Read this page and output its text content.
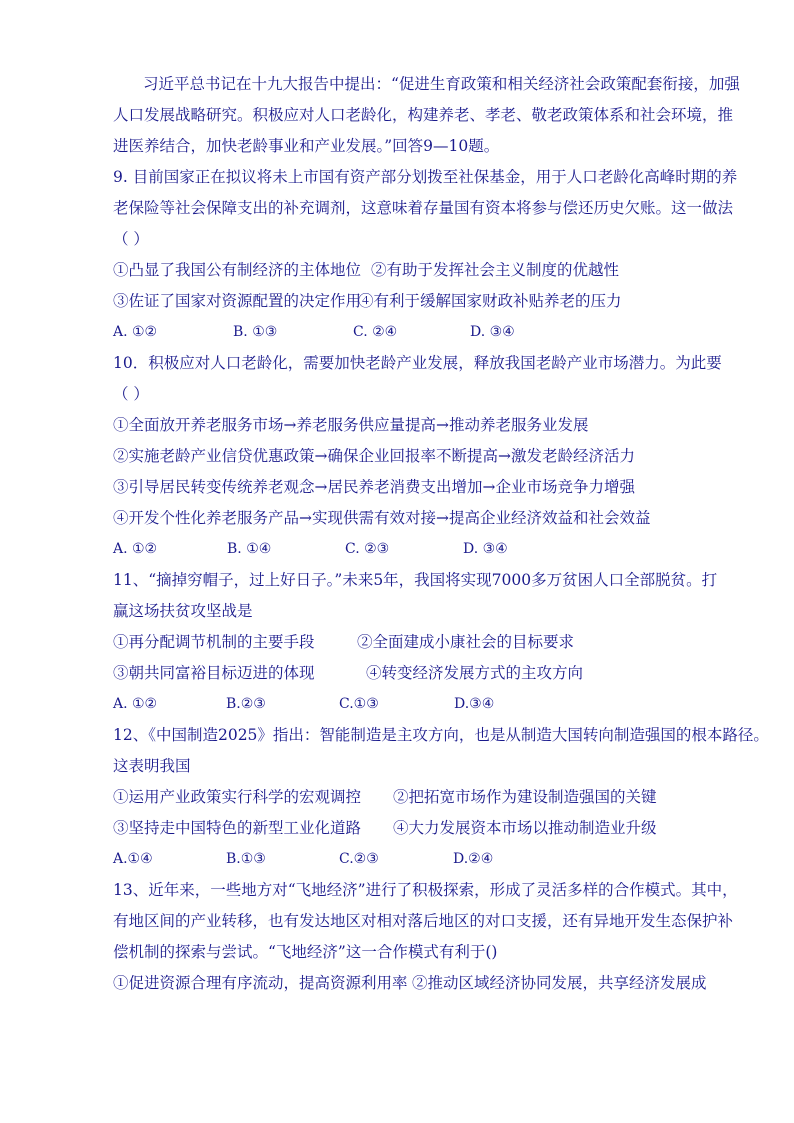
习近平总书记在十九大报告中提出：“促进生育政策和相关经济社会政策配套衔接，加强
人口发展战略研究。积极应对人口老龄化，构建养老、孝老、敬老政策体系和社会环境，推
进医养结合，加快老龄事业和产业发展。”回答9—10题。
9. 目前国家正在拟议将未上市国有资产部分划拨至社保基金，用于人口老龄化高峰时期的养
老保险等社会保障支出的补充调剂，这意味着存量国有资本将参与偿还历史欠账。这一做法
（ ）
①凸显了我国公有制经济的主体地位 ②有助于发挥社会主义制度的优越性
③佐证了国家对资源配置的决定作用
④有利于缓解国家财政补贴养老的压力
A. ①②	B. ①③	C. ②④	D. ③④
10．积极应对人口老龄化，需要加快老龄产业发展，释放我国老龄产业市场潜力。为此要
（ ）
①全面放开养老服务市场→养老服务供应量提高→推动养老服务业发展
②实施老龄产业信贷优惠政策→确保企业回报率不断提高→激发老龄经济活力
③引导居民转变传统养老观念→居民养老消费支出增加→企业市场竞争力增强
④开发个性化养老服务产品→实现供需有效对接→提高企业经济效益和社会效益
A. ①②	B. ①④	C. ②③	D. ③④
11、“摘掉穷帽子，过上好日子。”未来5年，我国将实现7000多万贫困人口全部脱贫。打
赢这场扶贫攻坚战是
①再分配调节机制的主要手段	②全面建成小康社会的目标要求
③朝共同富裕目标迈进的体现	④转变经济发展方式的主攻方向
A. ①②	B.②③	C.①③	D.③④
12、《中国制造2025》指出：智能制造是主攻方向，也是从制造大国转向制造强国的根本路径。
这表明我国
①运用产业政策实行科学的宏观调控 ②把拓宽市场作为建设制造强国的关键
③坚持走中国特色的新型工业化道路 ④大力发展资本市场以推动制造业升级
A.①④	B.①③	C.②③	D.②④
13、近年来，一些地方对“飞地经济”进行了积极探索，形成了灵活多样的合作模式。其中，
有地区间的产业转移，也有发达地区对相对落后地区的对口支援，还有异地开发生态保护补
偿机制的探索与尝试。“飞地经济”这一合作模式有利于()
①促进资源合理有序流动，提高资源利用率 ②推动区域经济协同发展，共享经济发展成
